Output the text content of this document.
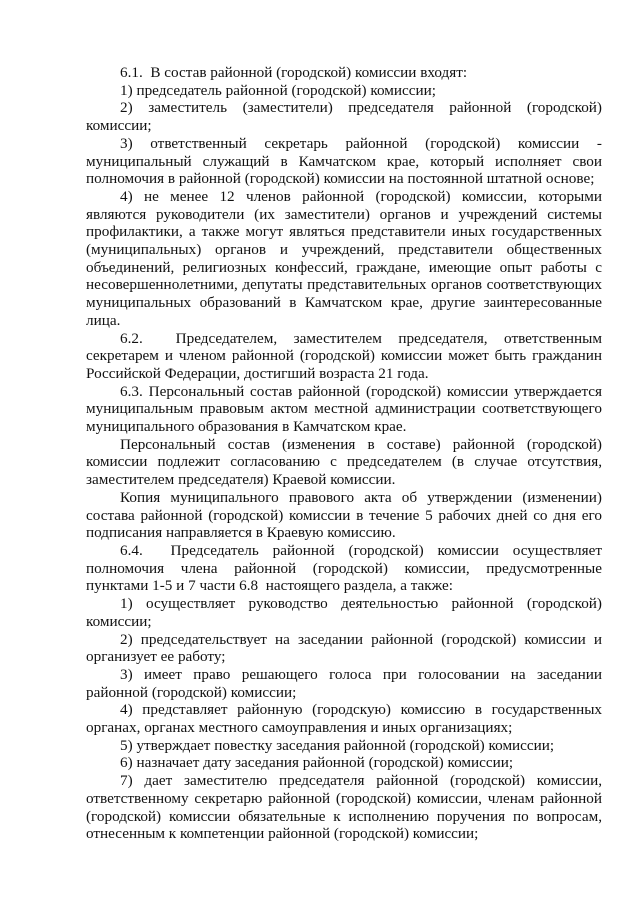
6.1.  В состав районной (городской) комиссии входят:

1) председатель районной (городской) комиссии;

2) заместитель (заместители) председателя районной (городской) комиссии;

3) ответственный секретарь районной (городской) комиссии - муниципальный служащий в Камчатском крае, который исполняет свои полномочия в районной (городской) комиссии на постоянной штатной основе;

4) не менее 12 членов районной (городской) комиссии, которыми являются руководители (их заместители) органов и учреждений системы профилактики, а также могут являться представители иных государственных (муниципальных) органов и учреждений, представители общественных объединений, религиозных конфессий, граждане, имеющие опыт работы с несовершеннолетними, депутаты представительных органов соответствующих муниципальных образований в Камчатском крае, другие заинтересованные лица.

6.2.  Председателем, заместителем председателя, ответственным секретарем и членом районной (городской) комиссии может быть гражданин Российской Федерации, достигший возраста 21 года.

6.3. Персональный состав районной (городской) комиссии утверждается муниципальным правовым актом местной администрации соответствующего муниципального образования в Камчатском крае.

Персональный состав (изменения в составе) районной (городской) комиссии подлежит согласованию с председателем (в случае отсутствия, заместителем председателя) Краевой комиссии.

Копия муниципального правового акта об утверждении (изменении) состава районной (городской) комиссии в течение 5 рабочих дней со дня его подписания направляется в Краевую комиссию.

6.4.  Председатель районной (городской) комиссии осуществляет полномочия члена районной (городской) комиссии, предусмотренные пунктами 1-5 и 7 части 6.8  настоящего раздела, а также:

1) осуществляет руководство деятельностью районной (городской) комиссии;

2) председательствует на заседании районной (городской) комиссии и организует ее работу;

3) имеет право решающего голоса при голосовании на заседании районной (городской) комиссии;

4) представляет районную (городскую) комиссию в государственных органах, органах местного самоуправления и иных организациях;

5) утверждает повестку заседания районной (городской) комиссии;

6) назначает дату заседания районной (городской) комиссии;

7) дает заместителю председателя районной (городской) комиссии, ответственному секретарю районной (городской) комиссии, членам районной (городской) комиссии обязательные к исполнению поручения по вопросам, отнесенным к компетенции районной (городской) комиссии;
